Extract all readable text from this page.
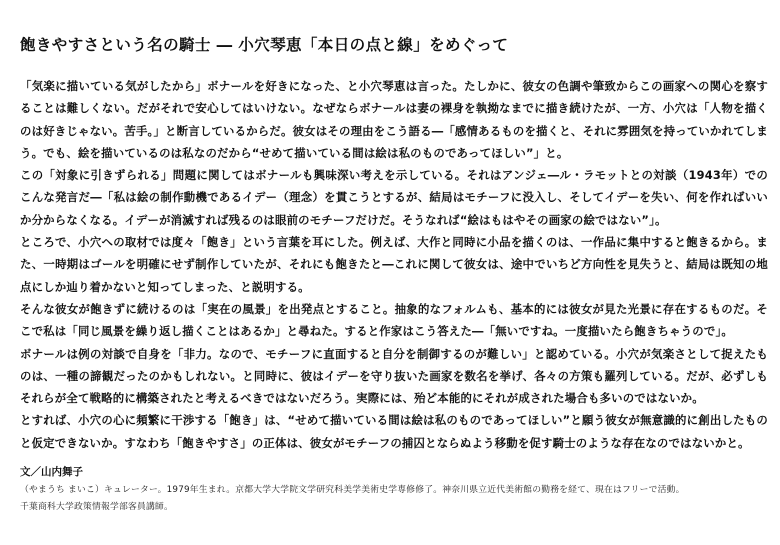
飽きやすさという名の騎士 ― 小穴琴恵「本日の点と線」をめぐって

「気楽に描いている気がしたから」ボナールを好きになった、と小穴琴恵は言った。たしかに、彼女の色調や筆致からこの画家への関心を察することは難しくない。だがそれで安心してはいけない。なぜならボナールは妻の裸身を執拗なまでに描き続けたが、一方、小穴は「人物を描くのは好きじゃない。苦手。」と断言しているからだ。彼女はその理由をこう語る―「感情あるものを描くと、それに雰囲気を持っていかれてしまう。でも、絵を描いているのは私なのだから“せめて描いている間は絵は私のものであってほしい”」と。

この「対象に引きずられる」問題に関してはボナールも興味深い考えを示している。それはアンジェ―ル・ラモットとの対談（1943年）でのこんな発言だ―「私は絵の制作動機であるイデー（理念）を貫こうとするが、結局はモチーフに没入し、そしてイデーを失い、何を作ればいいか分からなくなる。イデーが消滅すれば残るのは眼前のモチーフだけだ。そうなれば“絵はもはやその画家の絵ではない”」。

ところで、小穴への取材では度々「飽き」という言葉を耳にした。例えば、大作と同時に小品を描くのは、一作品に集中すると飽きるから。また、一時期はゴールを明確にせず制作していたが、それにも飽きたと―これに関して彼女は、途中でいちど方向性を見失うと、結局は既知の地点にしか辿り着かないと知ってしまった、と説明する。

そんな彼女が飽きずに続けるのは「実在の風景」を出発点とすること。抽象的なフォルムも、基本的には彼女が見た光景に存在するものだ。そこで私は「同じ風景を繰り返し描くことはあるか」と尋ねた。すると作家はこう答えた―「無いですね。一度描いたら飽きちゃうので」。

ボナールは例の対談で自身を「非力。なので、モチーフに直面すると自分を制御するのが難しい」と認めている。小穴が気楽さとして捉えたものは、一種の諦観だったのかもしれない。と同時に、彼はイデーを守り抜いた画家を数名を挙げ、各々の方策も羅列している。だが、必ずしもそれらが全て戦略的に構築されたと考えるべきではないだろう。実際には、殆ど本能的にそれが成された場合も多いのではないか。

とすれば、小穴の心に頻繁に干渉する「飽き」は、“せめて描いている間は絵は私のものであってほしい”と願う彼女が無意識的に創出したものと仮定できないか。すなわち「飽きやすさ」の正体は、彼女がモチーフの捕囚とならぬよう移動を促す騎士のような存在なのではないかと。

文／山内舞子
（やまうち まいこ）キュレーター。1979年生まれ。京都大学大学院文学研究科美学美術史学専修修了。神奈川県立近代美術館の勤務を経て、現在はフリーで活動。
千葉商科大学政策情報学部客員講師。
